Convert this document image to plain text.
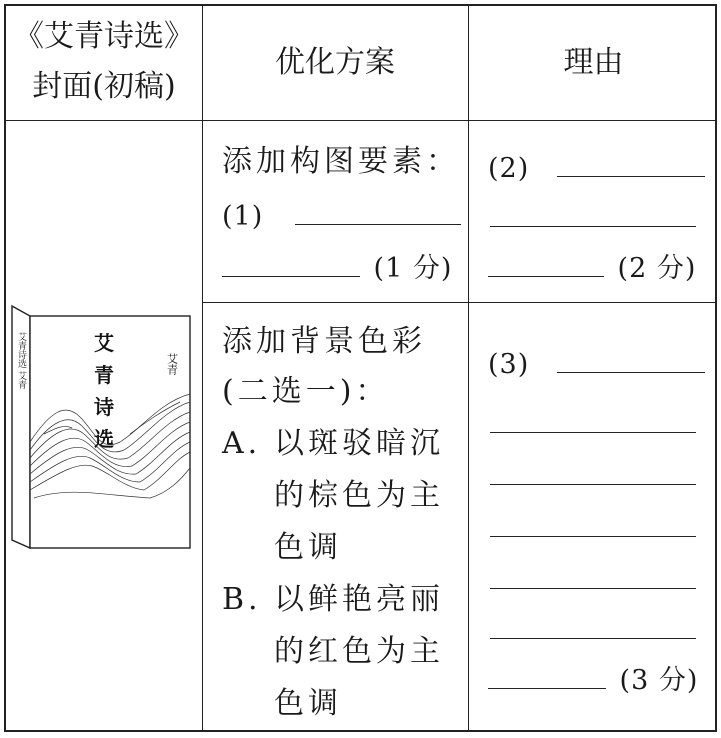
《艾青诗选》
封面(初稿)
优化方案	理由
添加构图要素：
(1)
(1 分)
(2)
(2 分)
添加背景色彩
(二选一)：
A. 以斑驳暗沉
的棕色为主
色调
B. 以鲜艳亮丽
的红色为主
色调
(3)
(3 分)
艾青诗选 艾青	艾
青
诗
选
艾青
